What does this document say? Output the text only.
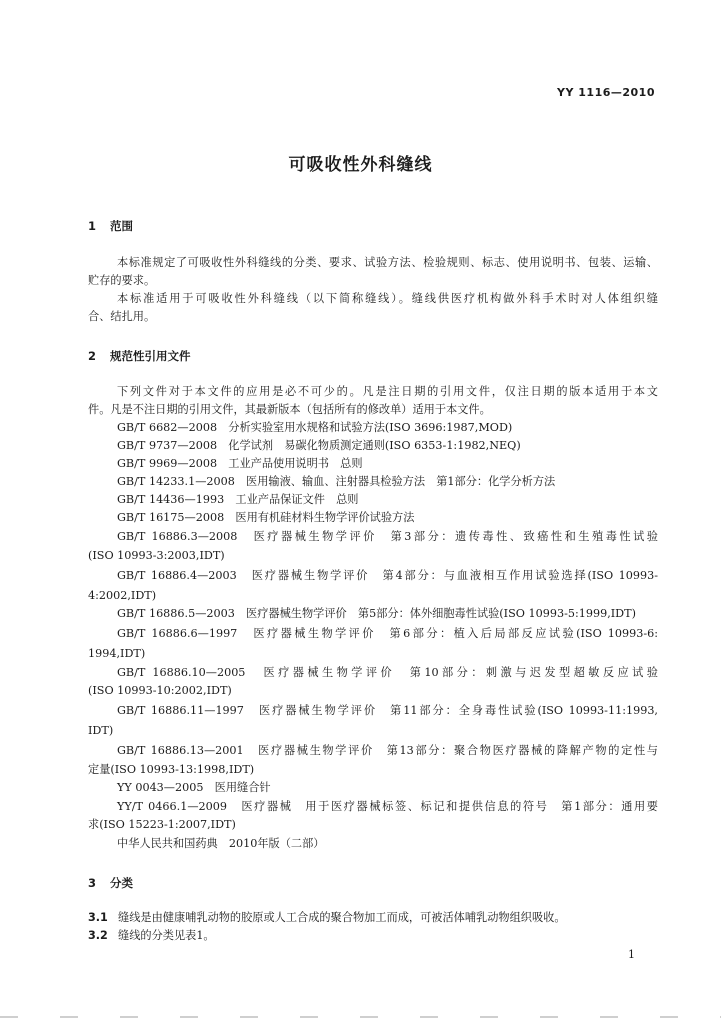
YY 1116—2010
可吸收性外科缝线
1 范围
本标准规定了可吸收性外科缝线的分类、要求、试验方法、检验规则、标志、使用说明书、包装、运输、
贮存的要求。
本标准适用于可吸收性外科缝线（以下简称缝线）。缝线供医疗机构做外科手术时对人体组织缝
合、结扎用。
2 规范性引用文件
下列文件对于本文件的应用是必不可少的。凡是注日期的引用文件，仅注日期的版本适用于本文
件。凡是不注日期的引用文件，其最新版本（包括所有的修改单）适用于本文件。
GB/T 6682—2008　分析实验室用水规格和试验方法(ISO 3696:1987,MOD)
GB/T 9737—2008　化学试剂　易碳化物质测定通则(ISO 6353-1:1982,NEQ)
GB/T 9969—2008　工业产品使用说明书　总则
GB/T 14233.1—2008　医用输液、输血、注射器具检验方法　第1部分：化学分析方法
GB/T 14436—1993　工业产品保证文件　总则
GB/T 16175—2008　医用有机硅材料生物学评价试验方法
GB/T 16886.3—2008　医疗器械生物学评价　第3部分：遗传毒性、致癌性和生殖毒性试验
(ISO 10993-3:2003,IDT)
GB/T 16886.4—2003　医疗器械生物学评价　第4部分：与血液相互作用试验选择(ISO 10993-
4:2002,IDT)
GB/T 16886.5—2003　医疗器械生物学评价　第5部分：体外细胞毒性试验(ISO 10993-5:1999,IDT)
GB/T 16886.6—1997　医疗器械生物学评价　第6部分：植入后局部反应试验(ISO 10993-6:
1994,IDT)
GB/T 16886.10—2005　医疗器械生物学评价　第10部分：刺激与迟发型超敏反应试验
(ISO 10993-10:2002,IDT)
GB/T 16886.11—1997　医疗器械生物学评价　第11部分：全身毒性试验(ISO 10993-11:1993,
IDT)
GB/T 16886.13—2001　医疗器械生物学评价　第13部分：聚合物医疗器械的降解产物的定性与
定量(ISO 10993-13:1998,IDT)
YY 0043—2005　医用缝合针
YY/T 0466.1—2009　医疗器械　用于医疗器械标签、标记和提供信息的符号　第1部分：通用要
求(ISO 15223-1:2007,IDT)
中华人民共和国药典　2010年版（二部）
3 分类
3.1 缝线是由健康哺乳动物的胶原或人工合成的聚合物加工而成，可被活体哺乳动物组织吸收。
3.2 缝线的分类见表1。
1
